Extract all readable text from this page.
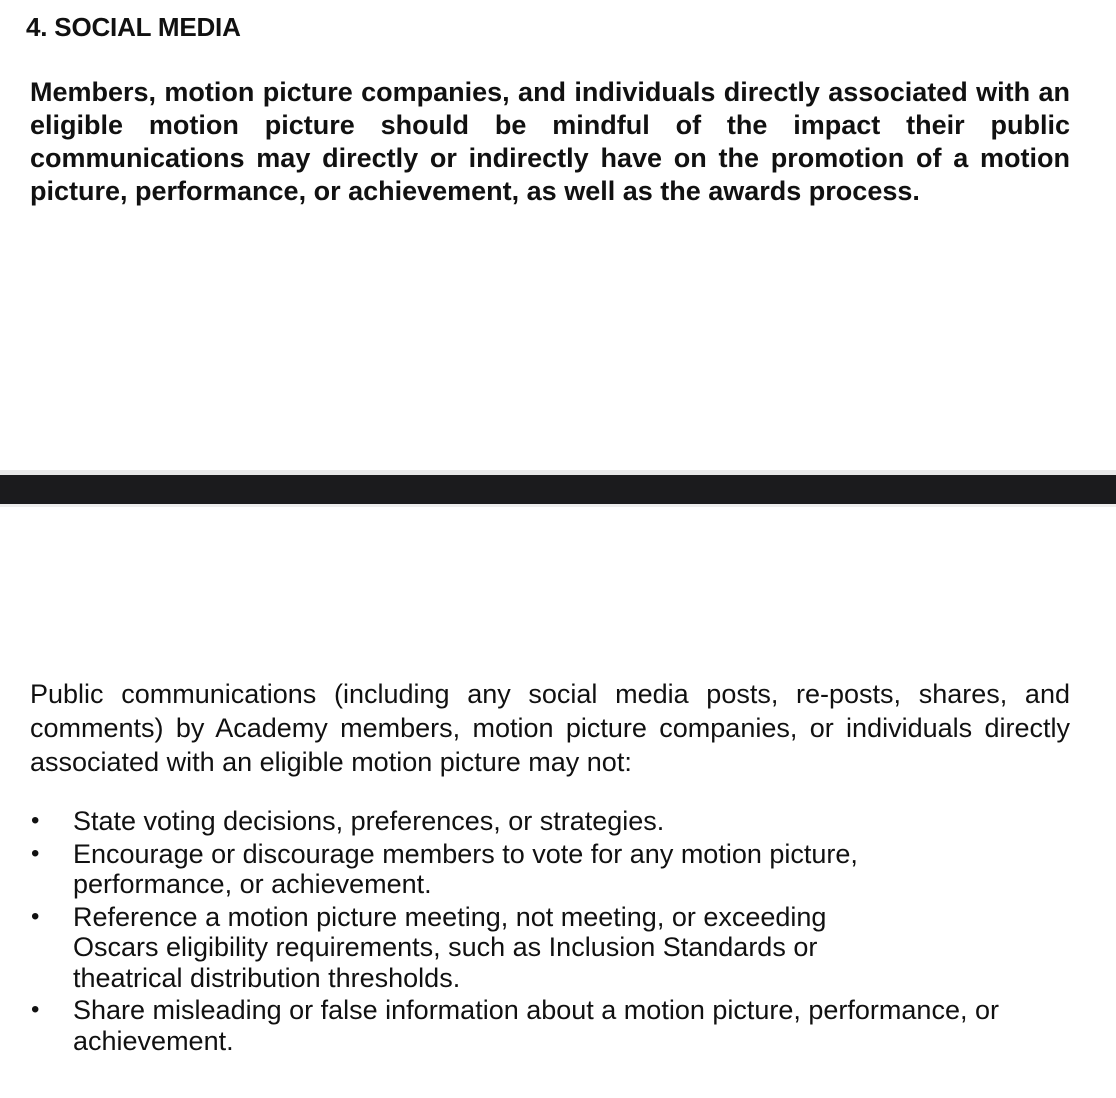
4. SOCIAL MEDIA

Members, motion picture companies, and individuals directly associated with an eligible motion picture should be mindful of the impact their public communications may directly or indirectly have on the promotion of a motion picture, performance, or achievement, as well as the awards process.

Public communications (including any social media posts, re-posts, shares, and comments) by Academy members, motion picture companies, or individuals directly associated with an eligible motion picture may not:

• State voting decisions, preferences, or strategies.
• Encourage or discourage members to vote for any motion picture, performance, or achievement.
• Reference a motion picture meeting, not meeting, or exceeding Oscars eligibility requirements, such as Inclusion Standards or theatrical distribution thresholds.
• Share misleading or false information about a motion picture, performance, or achievement.
